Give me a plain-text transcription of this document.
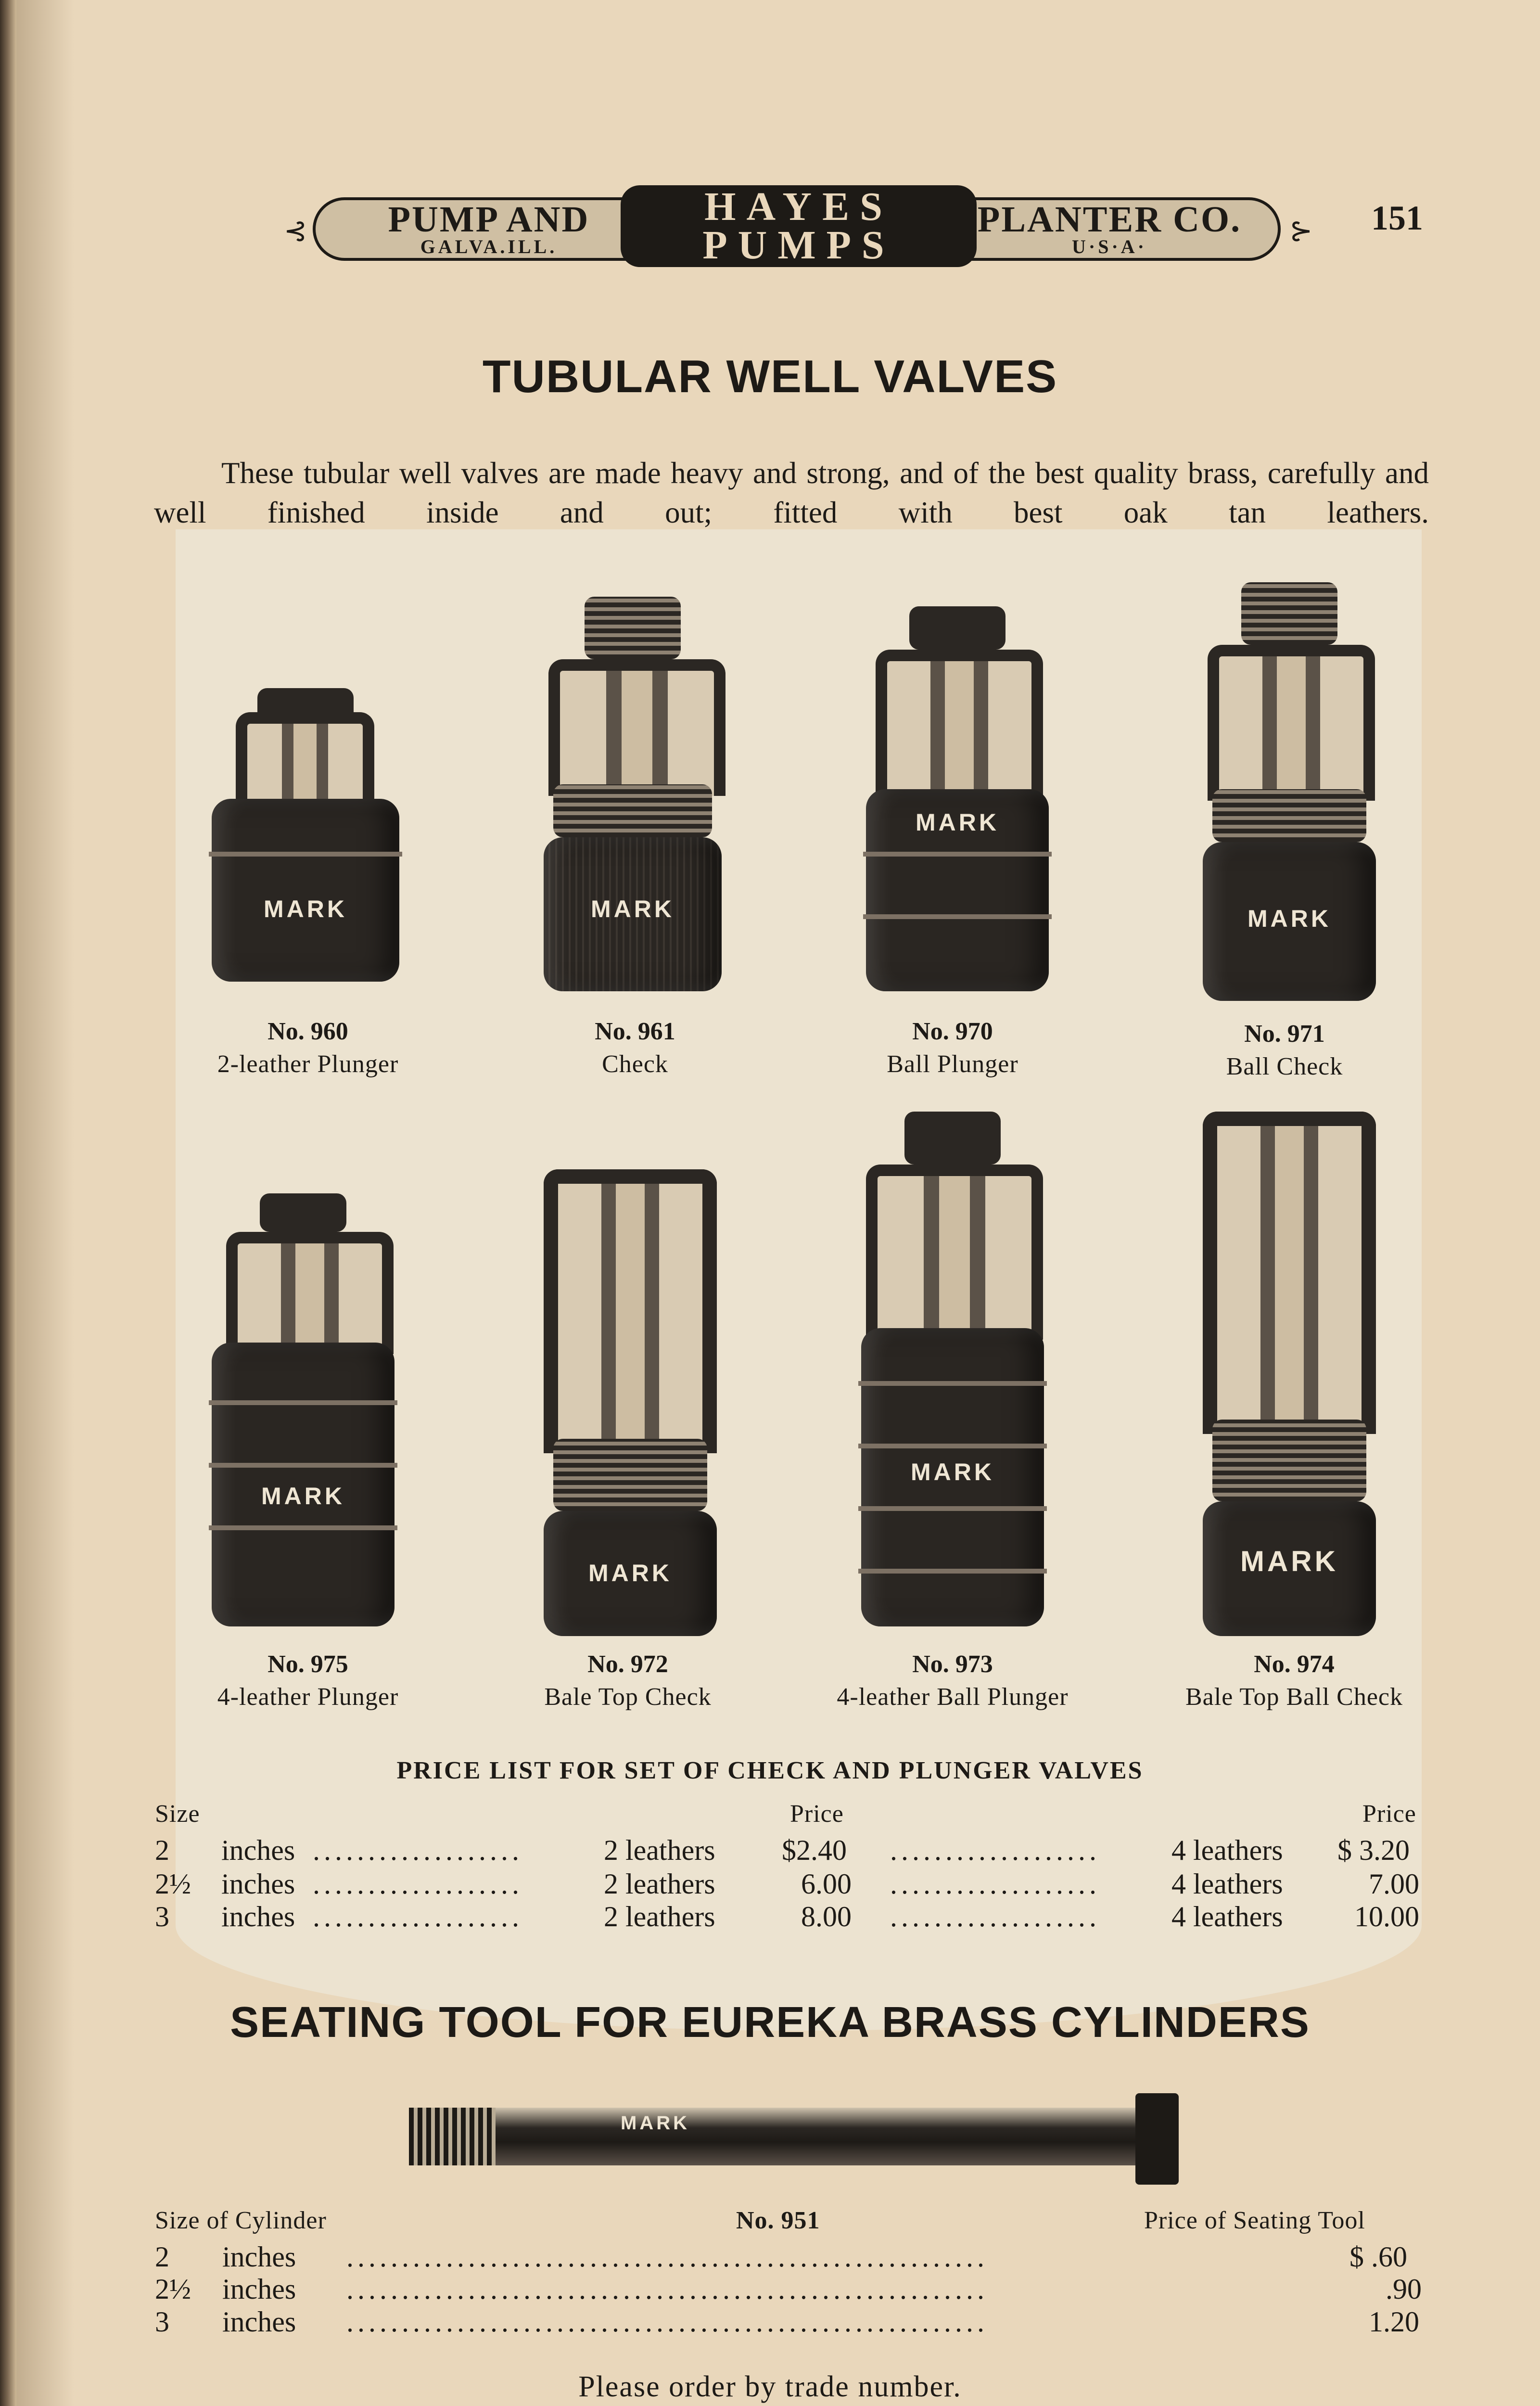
⊰ PUMP AND
GALVA.ILL.
PLANTER CO.
U·S·A·
HAYES
PUMPS	⊱ 151
TUBULAR WELL VALVES

These tubular well valves are made heavy and strong, and of the best quality brass, carefully and well finished inside and out; fitted with best oak tan leathers.

MARK	MARK
MARK
MARK
No. 960
2-leather Plunger
No. 961
Check
No. 970
Ball Plunger
No. 971
Ball Check
MARK
MARK
MARK
MARK
No. 975
4-leather Plunger
No. 972
Bale Top Check
No. 973
4-leather Ball Plunger
No. 974
Bale Top Ball Check
PRICE LIST FOR SET OF CHECK AND PLUNGER VALVES
Size	Price	Price
2 inches ...................	2 leathers $2.40 ................... 4 leathers $ 3.20
2½ inches ...................	2 leathers	6.00 ................... 4 leathers	7.00
3 inches ...................	2 leathers	8.00 ................... 4 leathers 10.00
SEATING TOOL FOR EUREKA BRASS CYLINDERS
MARK
Size of Cylinder	No. 951	Price of Seating Tool
2 inches ..........................................................	$ .60
2½ inches ..........................................................	.90
3 inches ..........................................................	1.20
Please order by trade number.
